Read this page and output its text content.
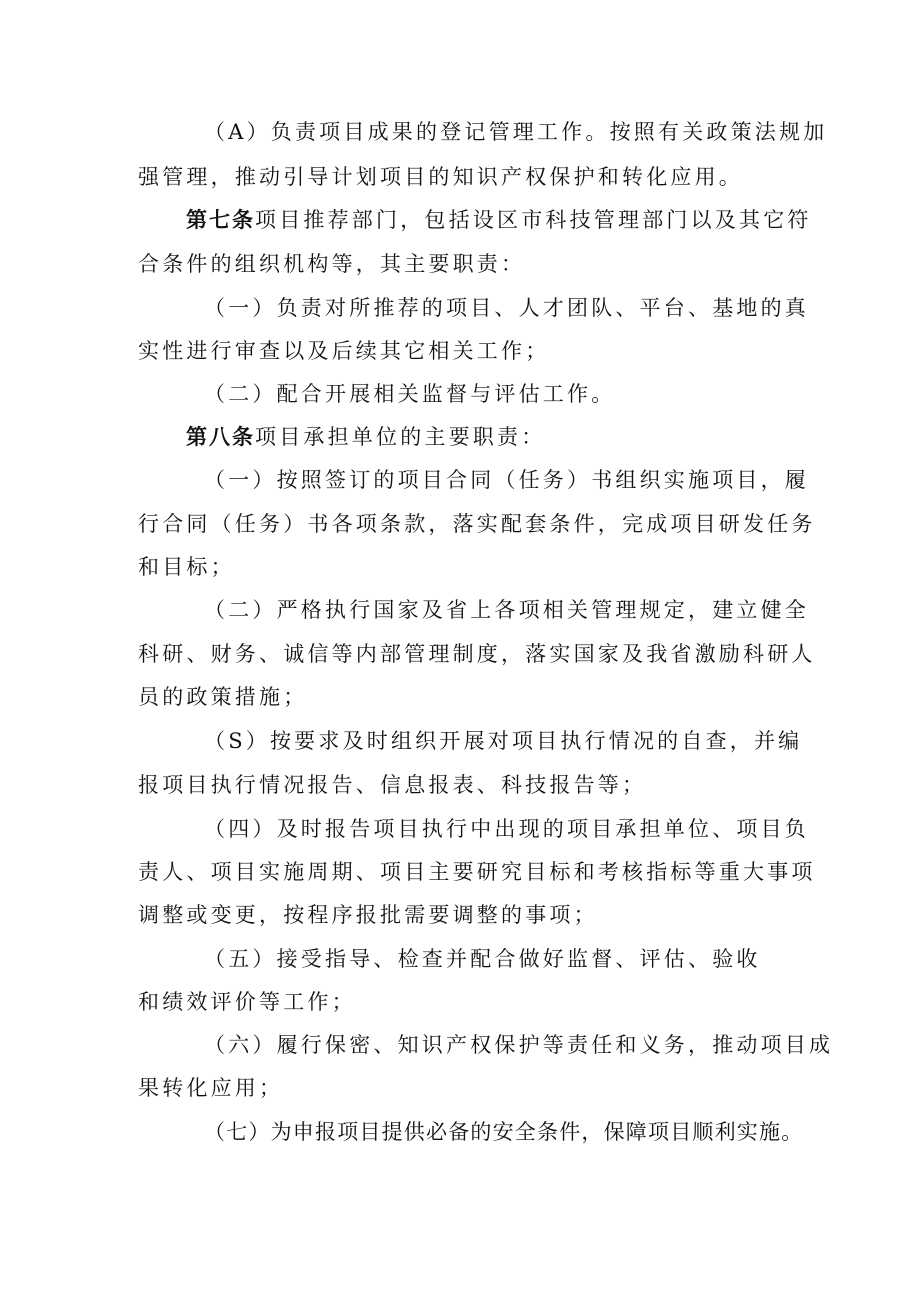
（A）负责项目成果的登记管理工作。按照有关政策法规加
强管理，推动引导计划项目的知识产权保护和转化应用。
第七条项目推荐部门，包括设区市科技管理部门以及其它符
合条件的组织机构等，其主要职责：
（一）负责对所推荐的项目、人才团队、平台、基地的真
实性进行审查以及后续其它相关工作；
（二）配合开展相关监督与评估工作。
第八条项目承担单位的主要职责：
（一）按照签订的项目合同（任务）书组织实施项目，履
行合同（任务）书各项条款，落实配套条件，完成项目研发任务
和目标；
（二）严格执行国家及省上各项相关管理规定，建立健全
科研、财务、诚信等内部管理制度，落实国家及我省激励科研人
员的政策措施；
（S）按要求及时组织开展对项目执行情况的自查，并编
报项目执行情况报告、信息报表、科技报告等；
（四）及时报告项目执行中出现的项目承担单位、项目负
责人、项目实施周期、项目主要研究目标和考核指标等重大事项
调整或变更，按程序报批需要调整的事项；
（五）接受指导、检查并配合做好监督、评估、验收
和绩效评价等工作；
（六）履行保密、知识产权保护等责任和义务，推动项目成
果转化应用；
（七）为申报项目提供必备的安全条件，保障项目顺利实施。
